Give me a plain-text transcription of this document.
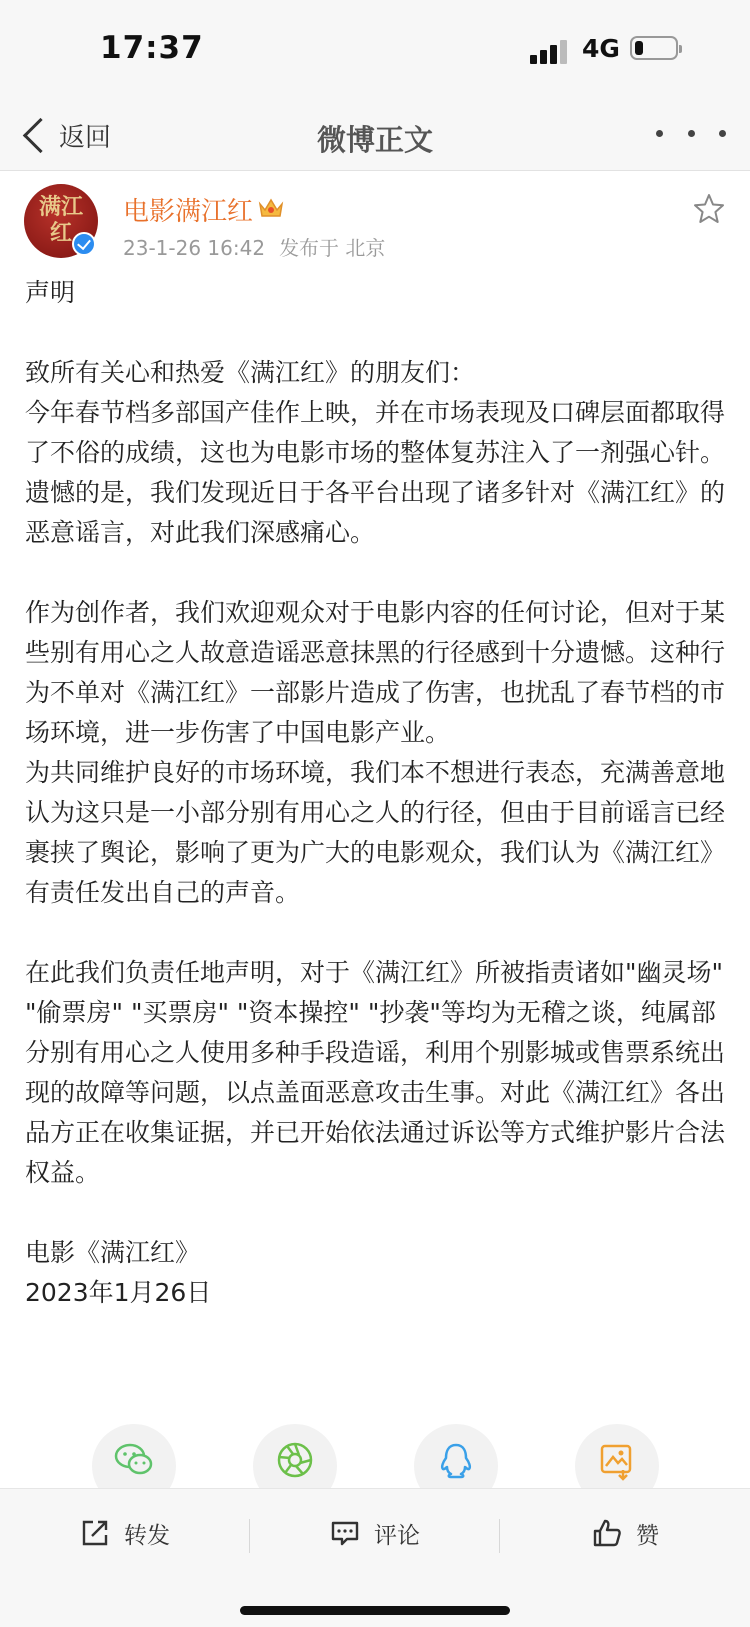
17:37	4G
返回	微博正文
满江红
电影满江红
23-1-26 16:42 发布于 北京
声明

致所有关心和热爱《满江红》的朋友们：
今年春节档多部国产佳作上映，并在市场表现及口碑层面都取得了不俗的成绩，这也为电影市场的整体复苏注入了一剂强心针。遗憾的是，我们发现近日于各平台出现了诸多针对《满江红》的恶意谣言，对此我们深感痛心。

作为创作者，我们欢迎观众对于电影内容的任何讨论，但对于某些别有用心之人故意造谣恶意抹黑的行径感到十分遗憾。这种行为不单对《满江红》一部影片造成了伤害，也扰乱了春节档的市场环境，进一步伤害了中国电影产业。
为共同维护良好的市场环境，我们本不想进行表态，充满善意地认为这只是一小部分别有用心之人的行径，但由于目前谣言已经裹挟了舆论，影响了更为广大的电影观众，我们认为《满江红》有责任发出自己的声音。

在此我们负责任地声明，对于《满江红》所被指责诸如"幽灵场" "偷票房" "买票房" "资本操控" "抄袭"等均为无稽之谈，纯属部分别有用心之人使用多种手段造谣，利用个别影城或售票系统出现的故障等问题，以点盖面恶意攻击生事。对此《满江红》各出品方正在收集证据，并已开始依法通过诉讼等方式维护影片合法权益。

电影《满江红》
2023年1月26日
转发	评论	赞
